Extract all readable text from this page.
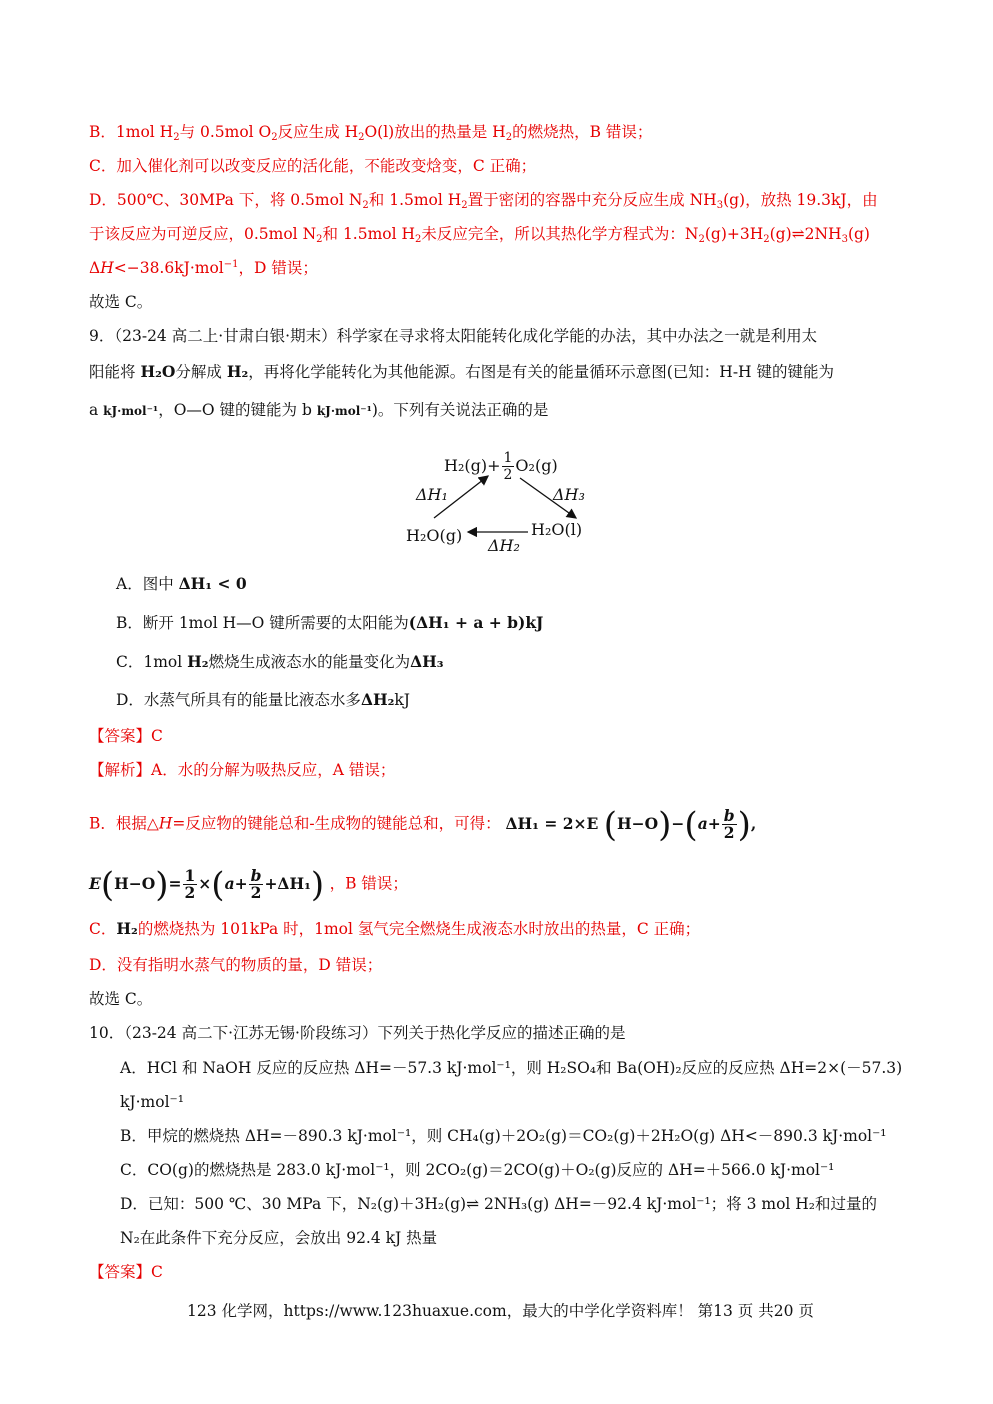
B．1mol $H_2$与 0.5mol $O_2$反应生成 $H_2O(l)$放出的热量是 $H_2$的燃烧热，B 错误；
C．加入催化剂可以改变反应的活化能，不能改变焓变，C 正确；
D．500℃、30MPa 下，将 0.5mol $N_2$和 1.5mol $H_2$置于密闭的容器中充分反应生成 $NH_3(g)$，放热 19.3kJ，由
于该反应为可逆反应，0.5mol $N_2$和 1.5mol $H_2$未反应完全，所以其热化学方程式为：$N_2(g)+3H_2(g)\rightleftharpoons 2NH_3(g)$
ΔH<−38.6kJ·mol$^{-1}$，D 错误；
故选 C。
9．（23-24 高二上·甘肃白银·期末）科学家在寻求将太阳能转化成化学能的办法，其中办法之一就是利用太
阳能将 H₂O分解成 H₂，再将化学能转化为其他能源。右图是有关的能量循环示意图(已知：H-H 键的键能为
a kJ·mol⁻¹，O—O 键的键能为 b kJ·mol⁻¹)。下列有关说法正确的是
$H_2(g)+ \frac{1}{2} O_2(g)$
H₂O(g)	H₂O(l)
ΔH₁	ΔH₃
ΔH₂
A．图中 ΔH₁ < 0
B．断开 1mol H—O 键所需要的太阳能为(ΔH₁ + a + b)kJ
C．1mol H₂燃烧生成液态水的能量变化为ΔH₃
D．水蒸气所具有的能量比液态水多ΔH₂kJ
【答案】C
【解析】A．水的分解为吸热反应，A 错误；
B．根据△H=反应物的键能总和-生成物的键能总和，可得： ΔH₁ = 2×E $(H-O)-(a+ \frac{b}{2}$ ),
$E(H-O)= \frac{1}{2} \times(a+ \frac{b}{2} +\Delta H_1)$ ，B 错误；
C．H₂的燃烧热为 101kPa 时，1mol 氢气完全燃烧生成液态水时放出的热量，C 正确；
D．没有指明水蒸气的物质的量，D 错误；
故选 C。
10．（23-24 高二下·江苏无锡·阶段练习）下列关于热化学反应的描述正确的是
A．HCl 和 NaOH 反应的反应热 ΔH=－57.3 kJ·mol⁻¹，则 H₂SO₄和 Ba(OH)₂反应的反应热 ΔH=2×(－57.3)
kJ·mol⁻¹
B．甲烷的燃烧热 ΔH=－890.3 kJ·mol⁻¹，则 CH₄(g)＋2O₂(g)＝CO₂(g)＋2H₂O(g) ΔH<－890.3 kJ·mol⁻¹
C．CO(g)的燃烧热是 283.0 kJ·mol⁻¹，则 2CO₂(g)＝2CO(g)＋O₂(g)反应的 ΔH=＋566.0 kJ·mol⁻¹
D．已知：500 ℃、30 MPa 下，N₂(g)＋3H₂(g)⇌ 2NH₃(g) ΔH=－92.4 kJ·mol⁻¹；将 3 mol H₂和过量的
N₂在此条件下充分反应，会放出 92.4 kJ 热量
【答案】C
123 化学网，https://www.123huaxue.com，最大的中学化学资料库！ 第13 页 共20 页
